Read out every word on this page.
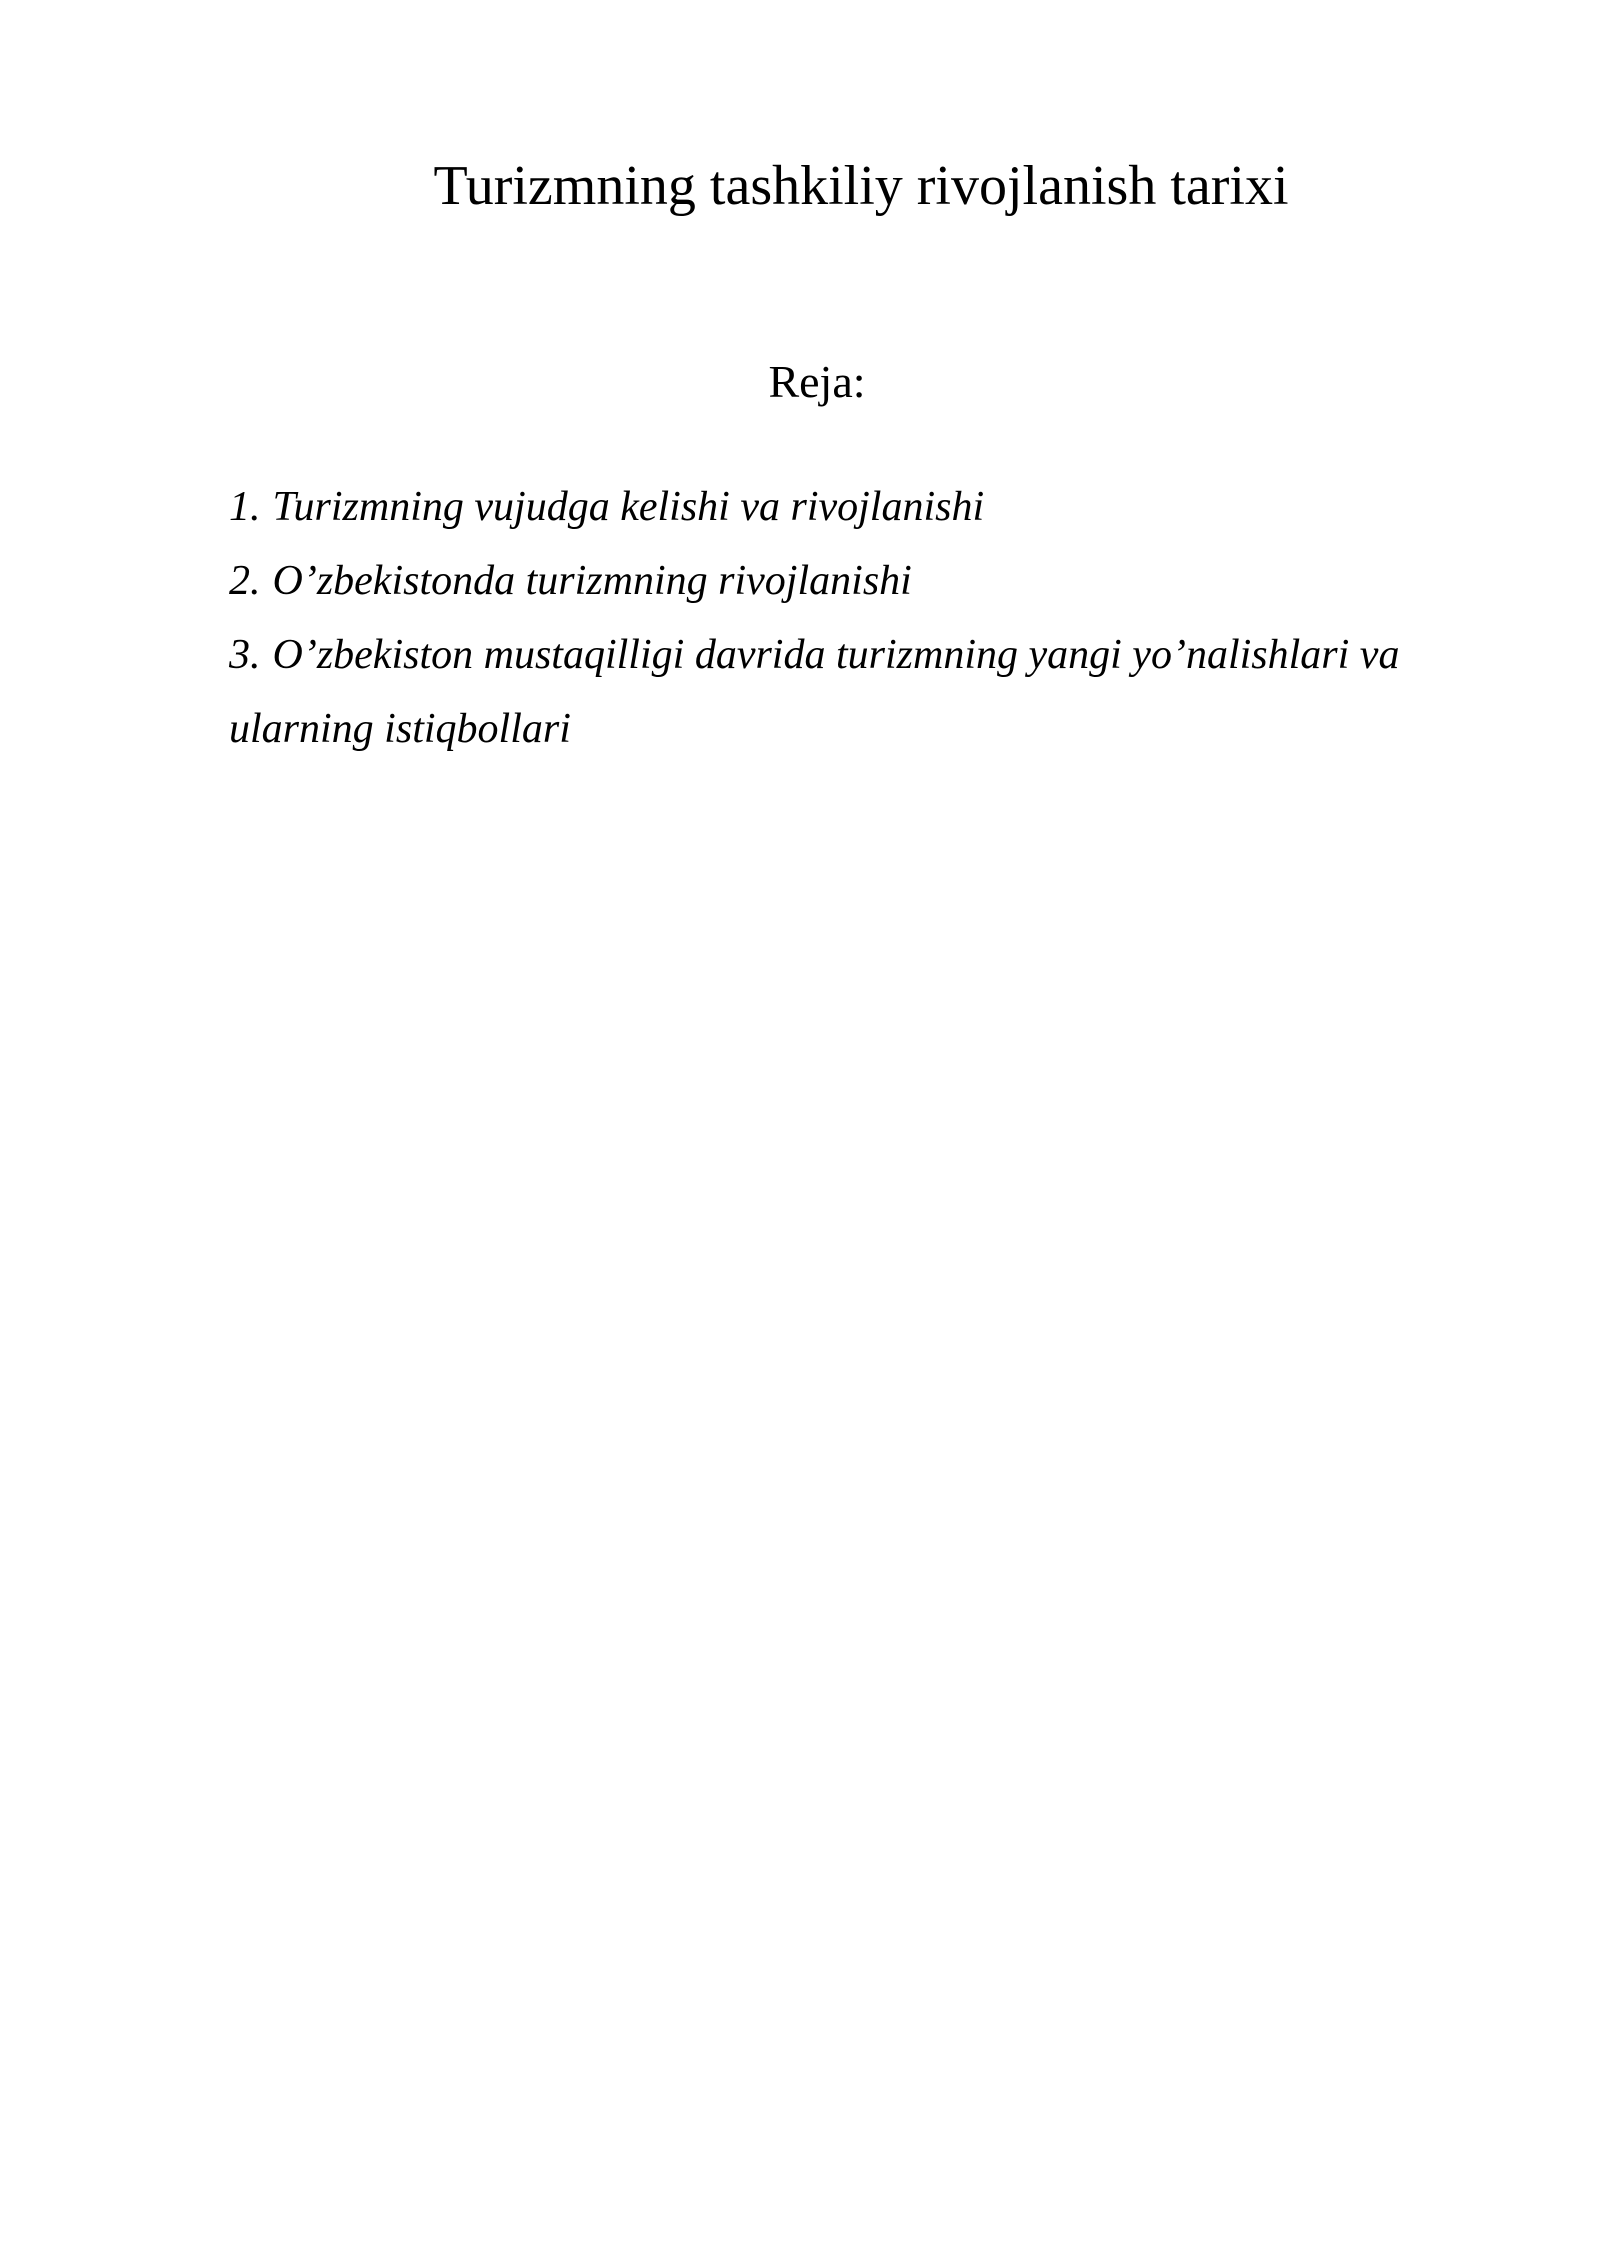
Turizmning tashkiliy rivojlanish tarixi
Reja:
1. Turizmning vujudga kelishi va rivojlanishi
2. O’zbekistonda turizmning rivojlanishi
3. O’zbekiston mustaqilligi davrida turizmning yangi yo’nalishlari va ularning istiqbollari
